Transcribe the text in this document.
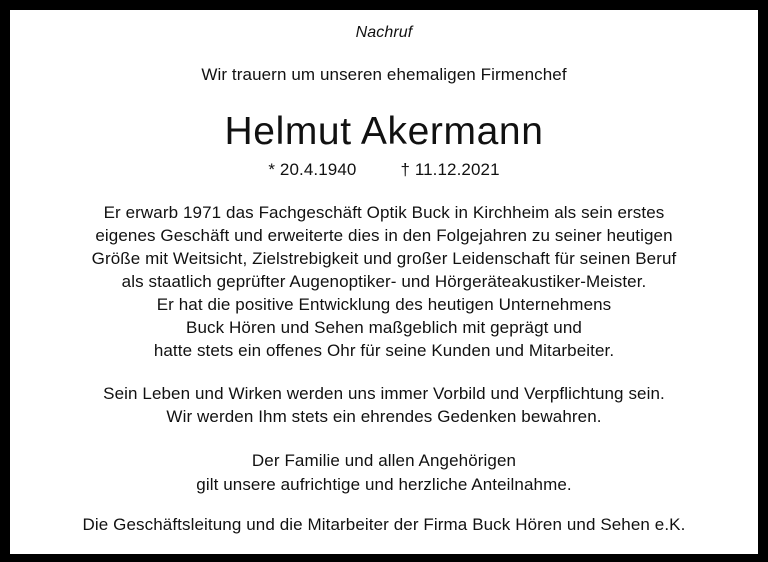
Nachruf
Wir trauern um unseren ehemaligen Firmenchef
Helmut Akermann
* 20.4.1940	† 11.12.2021
Er erwarb 1971 das Fachgeschäft Optik Buck in Kirchheim als sein erstes
eigenes Geschäft und erweiterte dies in den Folgejahren zu seiner heutigen
Größe mit Weitsicht, Zielstrebigkeit und großer Leidenschaft für seinen Beruf
als staatlich geprüfter Augenoptiker- und Hörgeräteakustiker-Meister.
Er hat die positive Entwicklung des heutigen Unternehmens
Buck Hören und Sehen maßgeblich mit geprägt und
hatte stets ein offenes Ohr für seine Kunden und Mitarbeiter.
Sein Leben und Wirken werden uns immer Vorbild und Verpflichtung sein.
Wir werden Ihm stets ein ehrendes Gedenken bewahren.
Der Familie und allen Angehörigen
gilt unsere aufrichtige und herzliche Anteilnahme.
Die Geschäftsleitung und die Mitarbeiter der Firma Buck Hören und Sehen e.K.
